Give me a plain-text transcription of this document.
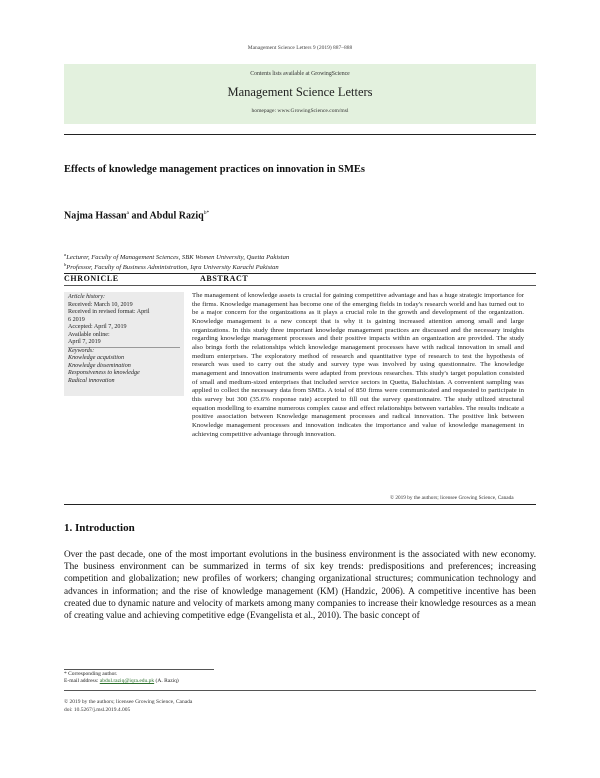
Management Science Letters 9 (2019) 887–888
Contents lists available at GrowingScience
Management Science Letters
homepage: www.GrowingScience.com/msl
Effects of knowledge management practices on innovation in SMEs
Najma Hassan$^a$ and Abdul Raziq$^{b*}$
$^a$Lecturer, Faculty of Management Sciences, SBK Women University, Quetta Pakistan
$^b$Professor, Faculty of Business Administration, Iqra University Karachi Pakistan
CHRONICLE	ABSTRACT
Article history:
Received: March 10, 2019
Received in revised format: April
6 2019
Accepted: April 7, 2019
Available online:
April 7, 2019
Keywords:
Knowledge acquisition
Knowledge dissemination
Responsiveness to knowledge
Radical innovation
The management of knowledge assets is crucial for gaining competitive advantage and has a huge strategic importance for the firms. Knowledge management has become one of the emerging fields in today's research world and has turned out to be a major concern for the organizations as it plays a crucial role in the growth and development of the organization. Knowledge management is a new concept that is why it is gaining increased attention among small and large organizations. In this study three important knowledge management practices are discussed and the necessary insights regarding knowledge management processes and their positive impacts within an organization are provided. The study also brings forth the relationships which knowledge management processes have with radical innovation in small and medium enterprises. The exploratory method of research and quantitative type of research to test the hypothesis of research was used to carry out the study and survey type was involved by using questionnaire. The knowledge management and innovation instruments were adapted from previous researches. This study's target population consisted of small and medium-sized enterprises that included service sectors in Quetta, Baluchistan. A convenient sampling was applied to collect the necessary data from SMEs. A total of 850 firms were communicated and requested to participate in this survey but 300 (35.6% response rate) accepted to fill out the survey questionnaire. The study utilized structural equation modelling to examine numerous complex cause and effect relationships between variables. The results indicate a positive association between Knowledge management processes and radical innovation. The positive link between Knowledge management processes and innovation indicates the importance and value of knowledge management in achieving competitive advantage through innovation.
© 2019 by the authors; licensee Growing Science, Canada
1. Introduction
Over the past decade, one of the most important evolutions in the business environment is the associated with new economy. The business environment can be summarized in terms of six key trends: predispositions and preferences; increasing competition and globalization; new profiles of workers; changing organizational structures; communication technology and advances in information; and the rise of knowledge management (KM) (Handzic, 2006). A competitive incentive has been created due to dynamic nature and velocity of markets among many companies to increase their knowledge resources as a mean of creating value and achieving competitive edge (Evangelista et al., 2010). The basic concept of
* Corresponding author.
E-mail address: abdul.raziq@iqra.edu.pk (A. Raziq)
© 2019 by the authors; licensee Growing Science, Canada
doi: 10.5267/j.msl.2019.4.005
